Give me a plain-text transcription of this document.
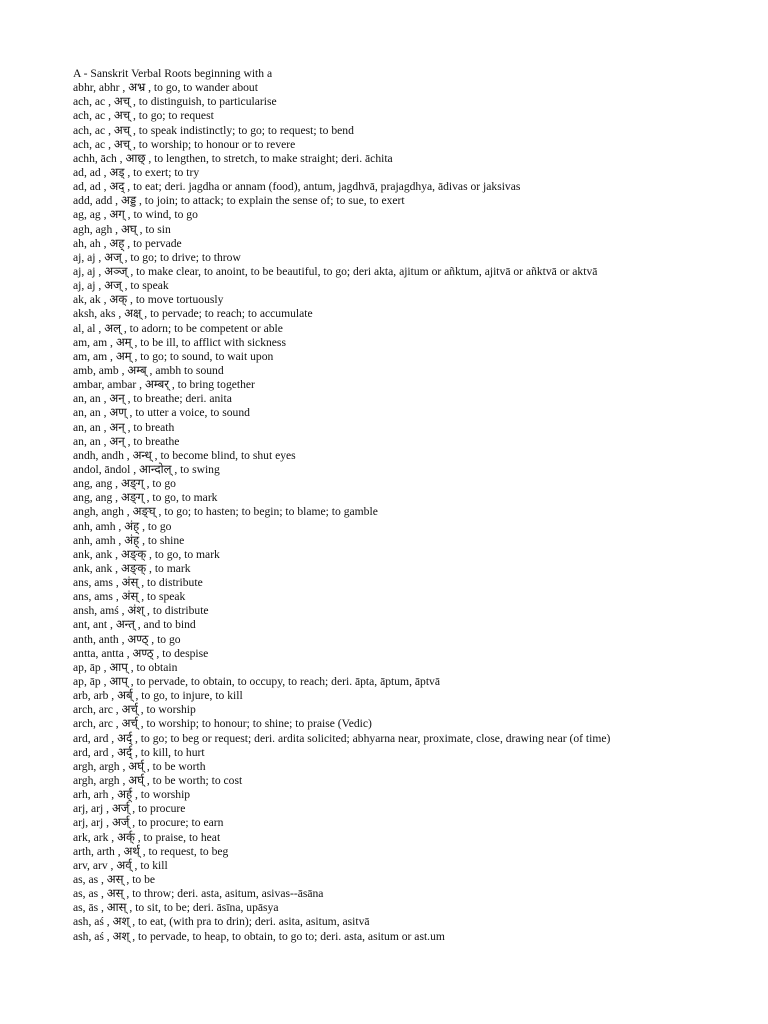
A - Sanskrit Verbal Roots beginning with a
abhr, abhr , अभ्र , to go, to wander about
ach, ac , अच् , to distinguish, to particularise
ach, ac , अच् , to go; to request
ach, ac , अच् , to speak indistinctly; to go; to request; to bend
ach, ac , अच् , to worship; to honour or to revere
achh, āch , आछ् , to lengthen, to stretch, to make straight; deri. āchita
ad, ad , अड् , to exert; to try
ad, ad , अद् , to eat; deri. jagdha or annam (food), antum, jagdhvā, prajagdhya, ādivas or jaksivas
add, add , अड्ड , to join; to attack; to explain the sense of; to sue, to exert
ag, ag , अग् , to wind, to go
agh, agh , अघ् , to sin
ah, ah , अह् , to pervade
aj, aj , अज् , to go; to drive; to throw
aj, aj , अञ्ज् , to make clear, to anoint, to be beautiful, to go; deri akta, ajitum or añktum, ajitvā or añktvā or aktvā
aj, aj , अज् , to speak
ak, ak , अक् , to move tortuously
aksh, aks , अक्ष् , to pervade; to reach; to accumulate
al, al , अल् , to adorn; to be competent or able
am, am , अम् , to be ill, to afflict with sickness
am, am , अम् , to go; to sound, to wait upon
amb, amb , अम्ब् , ambh to sound
ambar, ambar , अम्बर् , to bring together
an, an , अन् , to breathe; deri. anita
an, an , अण् , to utter a voice, to sound
an, an , अन् , to breath
an, an , अन् , to breathe
andh, andh , अन्ध् , to become blind, to shut eyes
andol, āndol , आन्दोल् , to swing
ang, ang , अङ्ग् , to go
ang, ang , अङ्ग् , to go, to mark
angh, angh , अङ्घ् , to go; to hasten; to begin; to blame; to gamble
anh, amh , अंह् , to go
anh, amh , अंह् , to shine
ank, ank , अङ्क् , to go, to mark
ank, ank , अङ्क् , to mark
ans, ams , अंस् , to distribute
ans, ams , अंस् , to speak
ansh, amś , अंश् , to distribute
ant, ant , अन्त् , and to bind
anth, anth , अण्ठ् , to go
antta, antta , अण्ठ् , to despise
ap, āp , आप् , to obtain
ap, āp , आप् , to pervade, to obtain, to occupy, to reach; deri. āpta, āptum, āptvā
arb, arb , अर्ब् , to go, to injure, to kill
arch, arc , अर्च् , to worship
arch, arc , अर्च् , to worship; to honour; to shine; to praise (Vedic)
ard, ard , अर्द् , to go; to beg or request; deri. ardita solicited; abhyarna near, proximate, close, drawing near (of time)
ard, ard , अर्द् , to kill, to hurt
argh, argh , अर्घ् , to be worth
argh, argh , अर्घ् , to be worth; to cost
arh, arh , अर्ह् , to worship
arj, arj , अर्ज् , to procure
arj, arj , अर्ज् , to procure; to earn
ark, ark , अर्क् , to praise, to heat
arth, arth , अर्थ् , to request, to beg
arv, arv , अर्व् , to kill
as, as , अस् , to be
as, as , अस् , to throw; deri. asta, asitum, asivas--āsāna
as, ās , आस् , to sit, to be; deri. āsīna, upāsya
ash, aś , अश् , to eat, (with pra to drin); deri. asita, asitum, asitvā
ash, aś , अश् , to pervade, to heap, to obtain, to go to; deri. asta, asitum or ast.um
